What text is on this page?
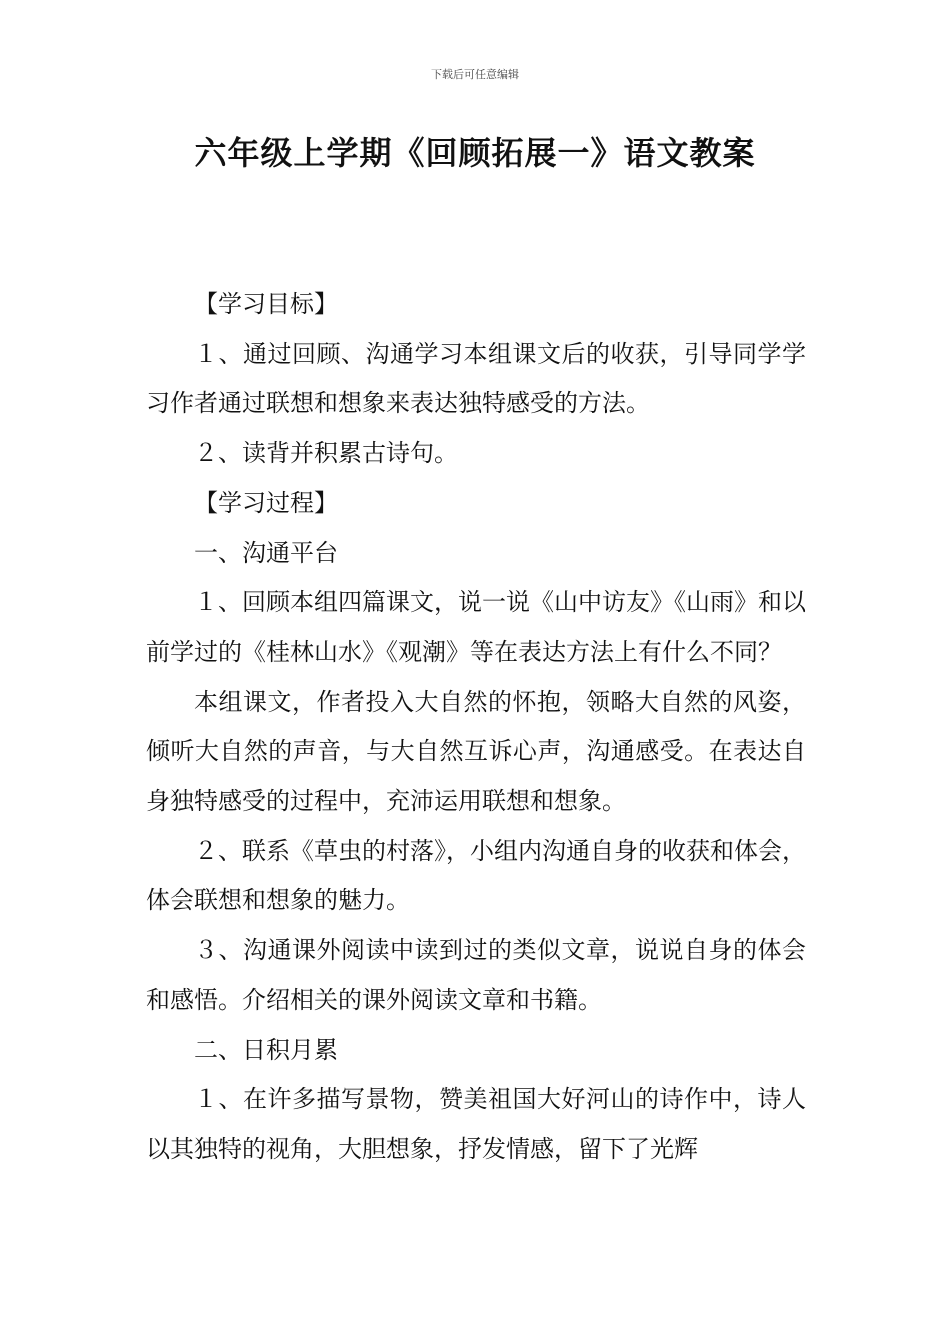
下载后可任意编辑
六年级上学期《回顾拓展一》语文教案

【学习目标】

１、通过回顾、沟通学习本组课文后的收获，引导同学学习作者通过联想和想象来表达独特感受的方法。

２、读背并积累古诗句。

【学习过程】

一、沟通平台

１、回顾本组四篇课文，说一说《山中访友》《山雨》和以前学过的《桂林山水》《观潮》等在表达方法上有什么不同？

本组课文，作者投入大自然的怀抱，领略大自然的风姿，倾听大自然的声音，与大自然互诉心声，沟通感受。在表达自身独特感受的过程中，充沛运用联想和想象。

２、联系《草虫的村落》，小组内沟通自身的收获和体会，体会联想和想象的魅力。

３、沟通课外阅读中读到过的类似文章，说说自身的体会和感悟。介绍相关的课外阅读文章和书籍。

二、日积月累

１、在许多描写景物，赞美祖国大好河山的诗作中，诗人以其独特的视角，大胆想象，抒发情感，留下了光辉
